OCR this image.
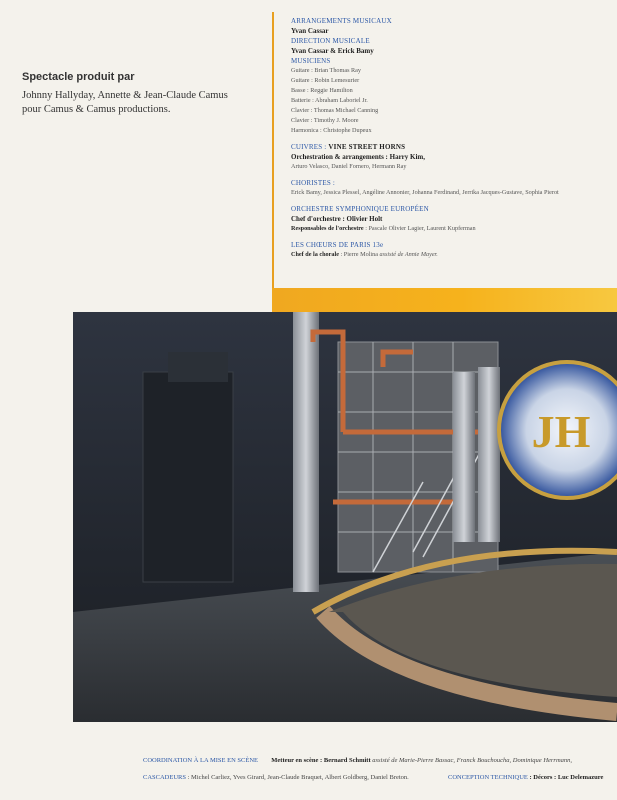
Spectacle produit par
Johnny Hallyday, Annette & Jean-Claude Camus
pour Camus & Camus productions.
ARRANGEMENTS MUSICAUX
Yvan Cassar
DIRECTION MUSICALE
Yvan Cassar & Erick Bamy
MUSICIENS
Guitare : Brian Thomas Ray
Guitare : Robin Lemesurier
Basse : Reggie Hamilton
Batterie : Abraham Laboriel Jr.
Clavier : Thomas Michael Canning
Clavier : Timothy J. Moore
Harmonica : Christophe Dupeux
CUIVRES : VINE STREET HORNS
Orchestration & arrangements : Harry Kim,
Arturo Velasco, Daniel Fornero, Hermann Ray
CHORISTES :
Erick Bamy, Jessica Plessel, Angéline Annonier, Johanna Ferdinand, Jerrika Jacques-Gustave, Sophia Pierot
ORCHESTRE SYMPHONIQUE EUROPÉEN
Chef d'orchestre : Olivier Holt
Responsables de l'orchestre : Pascale Olivier Lagier, Laurent Kupferman
LES CHŒURS DE PARIS 13e
Chef de la chorale : Pierre Molina assisté de Annie Mayer.
JH
COORDINATION À LA MISE EN SCÈNE Metteur en scène : Bernard Schmitt assisté de Marie-Pierre Bassac, Franck Bouchoucha, Dominique Herrmann,
CASCADEURS : Michel Carliez, Yves Girard, Jean-Claude Braquet, Albert Goldberg, Daniel Breton.	CONCEPTION TECHNIQUE : Décors : Luc Delemazure
